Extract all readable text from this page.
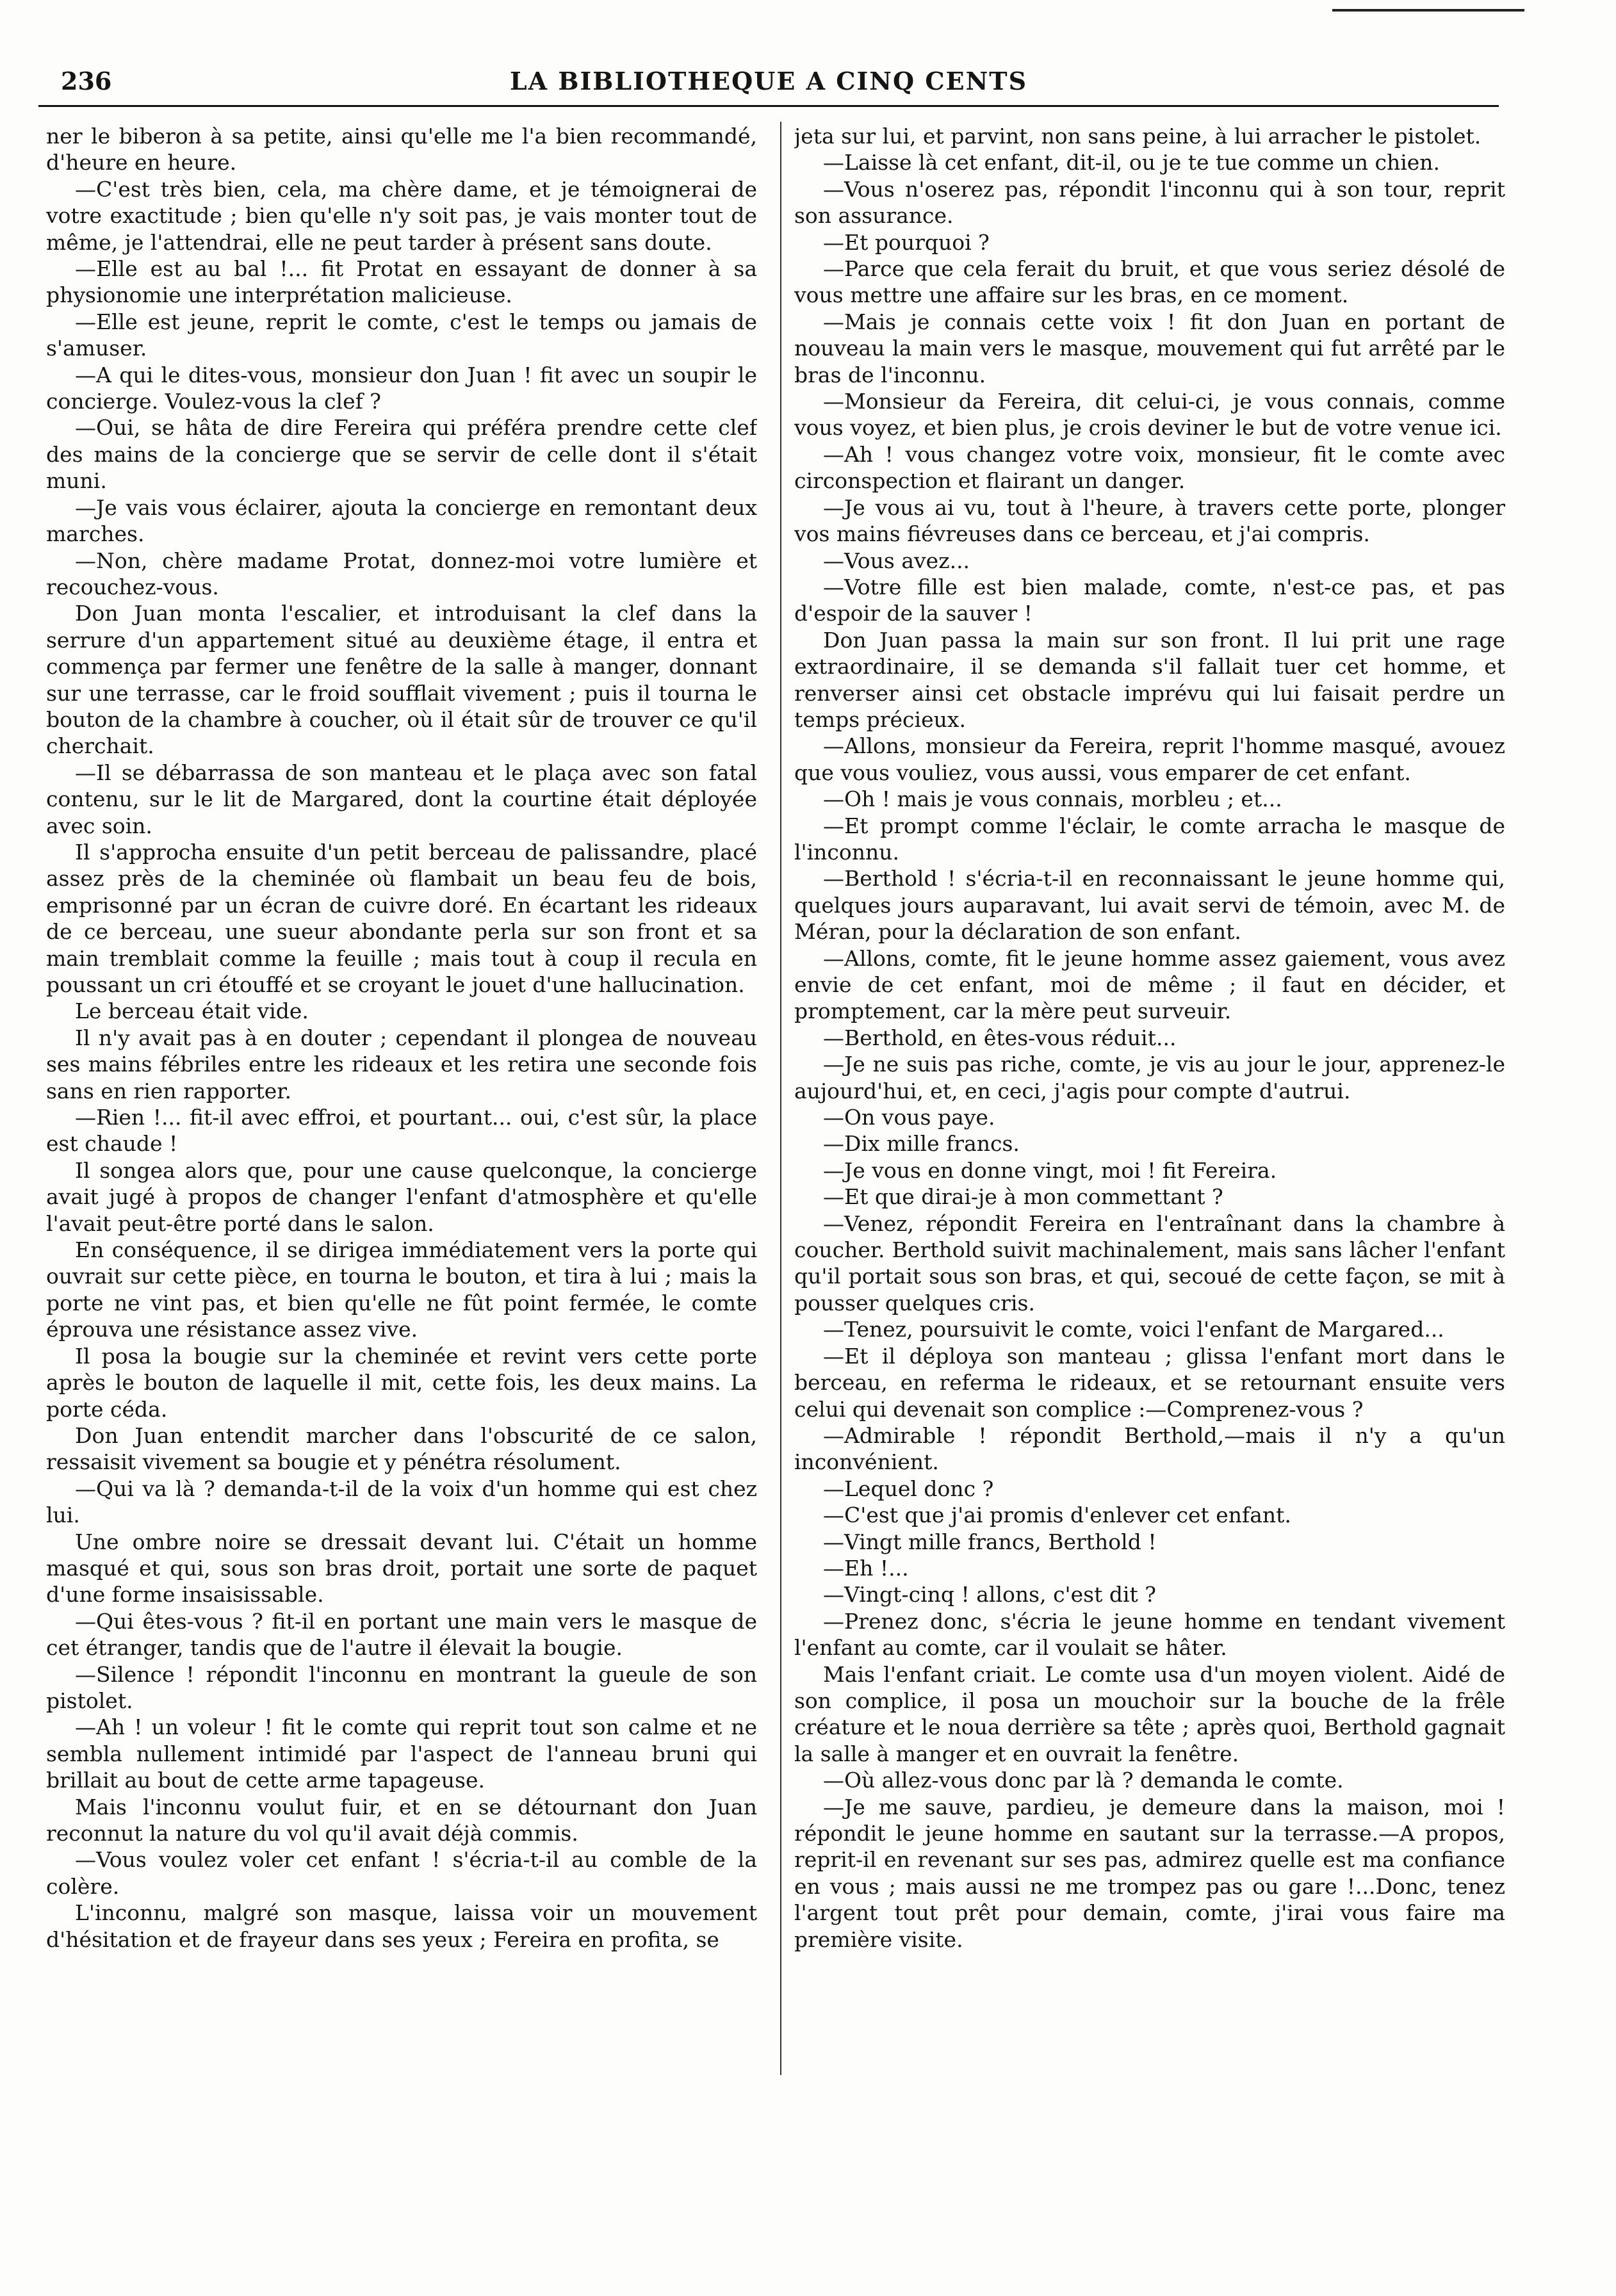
236	LA BIBLIOTHEQUE A CINQ CENTS

ner le biberon à sa petite, ainsi qu'elle me l'a bien recommandé, d'heure en heure.

—C'est très bien, cela, ma chère dame, et je témoignerai de votre exactitude ; bien qu'elle n'y soit pas, je vais monter tout de même, je l'attendrai, elle ne peut tarder à présent sans doute.

—Elle est au bal !... fit Protat en essayant de donner à sa physionomie une interprétation malicieuse.

—Elle est jeune, reprit le comte, c'est le temps ou jamais de s'amuser.

—A qui le dites-vous, monsieur don Juan ! fit avec un soupir le concierge. Voulez-vous la clef ?

—Oui, se hâta de dire Fereira qui préféra prendre cette clef des mains de la concierge que se servir de celle dont il s'était muni.

—Je vais vous éclairer, ajouta la concierge en remontant deux marches.

—Non, chère madame Protat, donnez-moi votre lumière et recouchez-vous.

Don Juan monta l'escalier, et introduisant la clef dans la serrure d'un appartement situé au deuxième étage, il entra et commença par fermer une fenêtre de la salle à manger, donnant sur une terrasse, car le froid soufflait vivement ; puis il tourna le bouton de la chambre à coucher, où il était sûr de trouver ce qu'il cherchait.

—Il se débarrassa de son manteau et le plaça avec son fatal contenu, sur le lit de Margared, dont la courtine était déployée avec soin.

Il s'approcha ensuite d'un petit berceau de palissandre, placé assez près de la cheminée où flambait un beau feu de bois, emprisonné par un écran de cuivre doré. En écartant les rideaux de ce berceau, une sueur abondante perla sur son front et sa main tremblait comme la feuille ; mais tout à coup il recula en poussant un cri étouffé et se croyant le jouet d'une hallucination.

Le berceau était vide.

Il n'y avait pas à en douter ; cependant il plongea de nouveau ses mains fébriles entre les rideaux et les retira une seconde fois sans en rien rapporter.

—Rien !... fit-il avec effroi, et pourtant... oui, c'est sûr, la place est chaude !

Il songea alors que, pour une cause quelconque, la concierge avait jugé à propos de changer l'enfant d'atmosphère et qu'elle l'avait peut-être porté dans le salon.

En conséquence, il se dirigea immédiatement vers la porte qui ouvrait sur cette pièce, en tourna le bouton, et tira à lui ; mais la porte ne vint pas, et bien qu'elle ne fût point fermée, le comte éprouva une résistance assez vive.

Il posa la bougie sur la cheminée et revint vers cette porte après le bouton de laquelle il mit, cette fois, les deux mains. La porte céda.

Don Juan entendit marcher dans l'obscurité de ce salon, ressaisit vivement sa bougie et y pénétra résolument.

—Qui va là ? demanda-t-il de la voix d'un homme qui est chez lui.

Une ombre noire se dressait devant lui. C'était un homme masqué et qui, sous son bras droit, portait une sorte de paquet d'une forme insaisissable.

—Qui êtes-vous ? fit-il en portant une main vers le masque de cet étranger, tandis que de l'autre il élevait la bougie.

—Silence ! répondit l'inconnu en montrant la gueule de son pistolet.

—Ah ! un voleur ! fit le comte qui reprit tout son calme et ne sembla nullement intimidé par l'aspect de l'anneau bruni qui brillait au bout de cette arme tapageuse.

Mais l'inconnu voulut fuir, et en se détournant don Juan reconnut la nature du vol qu'il avait déjà commis.

—Vous voulez voler cet enfant ! s'écria-t-il au comble de la colère.

L'inconnu, malgré son masque, laissa voir un mouvement d'hésitation et de frayeur dans ses yeux ; Fereira en profita, se

jeta sur lui, et parvint, non sans peine, à lui arracher le pistolet.

—Laisse là cet enfant, dit-il, ou je te tue comme un chien.

—Vous n'oserez pas, répondit l'inconnu qui à son tour, reprit son assurance.

—Et pourquoi ?

—Parce que cela ferait du bruit, et que vous seriez désolé de vous mettre une affaire sur les bras, en ce moment.

—Mais je connais cette voix ! fit don Juan en portant de nouveau la main vers le masque, mouvement qui fut arrêté par le bras de l'inconnu.

—Monsieur da Fereira, dit celui-ci, je vous connais, comme vous voyez, et bien plus, je crois deviner le but de votre venue ici.

—Ah ! vous changez votre voix, monsieur, fit le comte avec circonspection et flairant un danger.

—Je vous ai vu, tout à l'heure, à travers cette porte, plonger vos mains fiévreuses dans ce berceau, et j'ai compris.

—Vous avez...

—Votre fille est bien malade, comte, n'est-ce pas, et pas d'espoir de la sauver !

Don Juan passa la main sur son front. Il lui prit une rage extraordinaire, il se demanda s'il fallait tuer cet homme, et renverser ainsi cet obstacle imprévu qui lui faisait perdre un temps précieux.

—Allons, monsieur da Fereira, reprit l'homme masqué, avouez que vous vouliez, vous aussi, vous emparer de cet enfant.

—Oh ! mais je vous connais, morbleu ; et...

—Et prompt comme l'éclair, le comte arracha le masque de l'inconnu.

—Berthold ! s'écria-t-il en reconnaissant le jeune homme qui, quelques jours auparavant, lui avait servi de témoin, avec M. de Méran, pour la déclaration de son enfant.

—Allons, comte, fit le jeune homme assez gaiement, vous avez envie de cet enfant, moi de même ; il faut en décider, et promptement, car la mère peut surveuir.

—Berthold, en êtes-vous réduit...

—Je ne suis pas riche, comte, je vis au jour le jour, apprenez-le aujourd'hui, et, en ceci, j'agis pour compte d'autrui.

—On vous paye.

—Dix mille francs.

—Je vous en donne vingt, moi ! fit Fereira.

—Et que dirai-je à mon commettant ?

—Venez, répondit Fereira en l'entraînant dans la chambre à coucher. Berthold suivit machinalement, mais sans lâcher l'enfant qu'il portait sous son bras, et qui, secoué de cette façon, se mit à pousser quelques cris.

—Tenez, poursuivit le comte, voici l'enfant de Margared...

—Et il déploya son manteau ; glissa l'enfant mort dans le berceau, en referma le rideaux, et se retournant ensuite vers celui qui devenait son complice :—Comprenez-vous ?

—Admirable ! répondit Berthold,—mais il n'y a qu'un inconvénient.

—Lequel donc ?

—C'est que j'ai promis d'enlever cet enfant.

—Vingt mille francs, Berthold !

—Eh !...

—Vingt-cinq ! allons, c'est dit ?

—Prenez donc, s'écria le jeune homme en tendant vivement l'enfant au comte, car il voulait se hâter.

Mais l'enfant criait. Le comte usa d'un moyen violent. Aidé de son complice, il posa un mouchoir sur la bouche de la frêle créature et le noua derrière sa tête ; après quoi, Berthold gagnait la salle à manger et en ouvrait la fenêtre.

—Où allez-vous donc par là ? demanda le comte.

—Je me sauve, pardieu, je demeure dans la maison, moi ! répondit le jeune homme en sautant sur la terrasse.—A propos, reprit-il en revenant sur ses pas, admirez quelle est ma confiance en vous ; mais aussi ne me trompez pas ou gare !...Donc, tenez l'argent tout prêt pour demain, comte, j'irai vous faire ma première visite.
